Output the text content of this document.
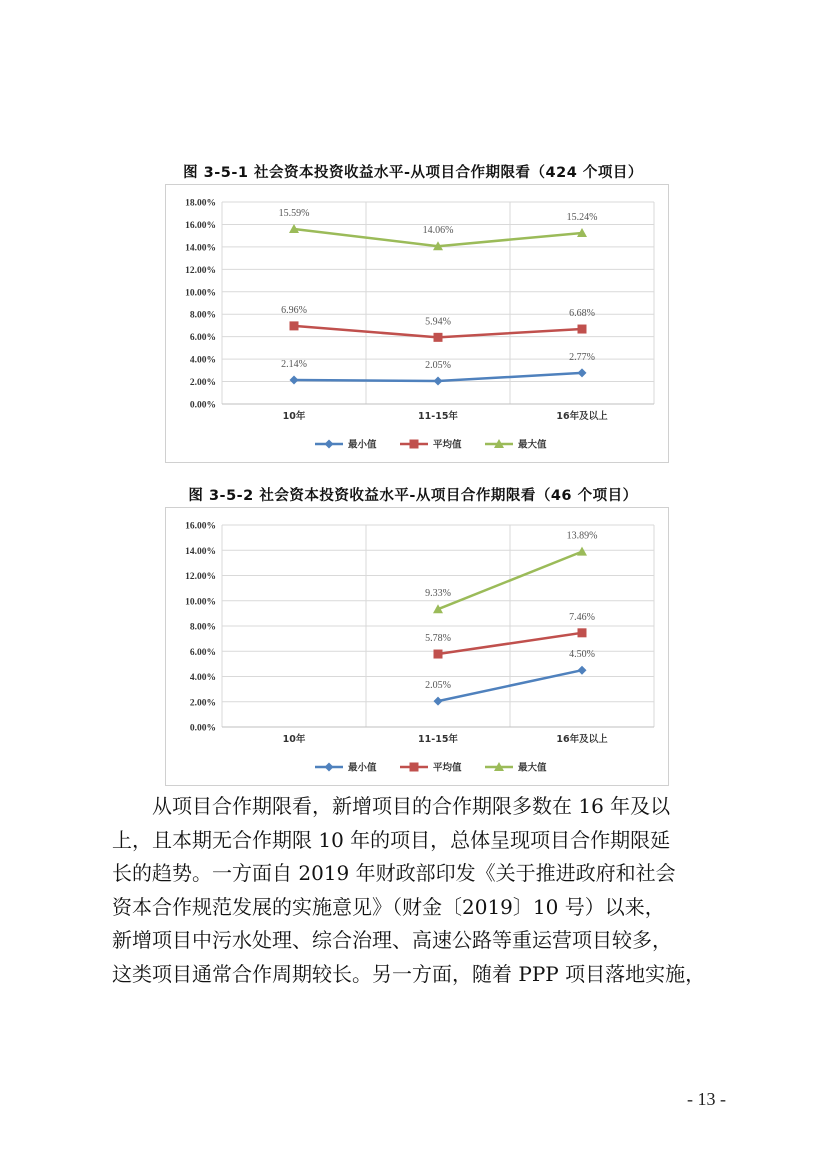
图 3-5-1 社会资本投资收益水平-从项目合作期限看（424 个项目）
0.00%
2.00%
4.00%
6.00%
8.00%
10.00%
12.00%
14.00%
16.00%
18.00%
10年	11-15年	16年及以上
2.14%	2.05%
2.77%
6.96%
5.94%
6.68%
15.59%
14.06%
15.24%
最小值	平均值	最大值
图 3-5-2 社会资本投资收益水平-从项目合作期限看（46 个项目）
0.00%
2.00%
4.00%
6.00%
8.00%
10.00%
12.00%
14.00%
16.00%
10年	11-15年	16年及以上
2.05%
4.50%
5.78%
7.46%
9.33%
13.89%
最小值	平均值	最大值

从项目合作期限看，新增项目的合作期限多数在 16 年及以

上，且本期无合作期限 10 年的项目，总体呈现项目合作期限延

长的趋势。一方面自 2019 年财政部印发《关于推进政府和社会

资本合作规范发展的实施意见》（财金〔2019〕10 号）以来，

新增项目中污水处理、综合治理、高速公路等重运营项目较多，

这类项目通常合作周期较长。另一方面，随着 PPP 项目落地实施，

- 13 -
